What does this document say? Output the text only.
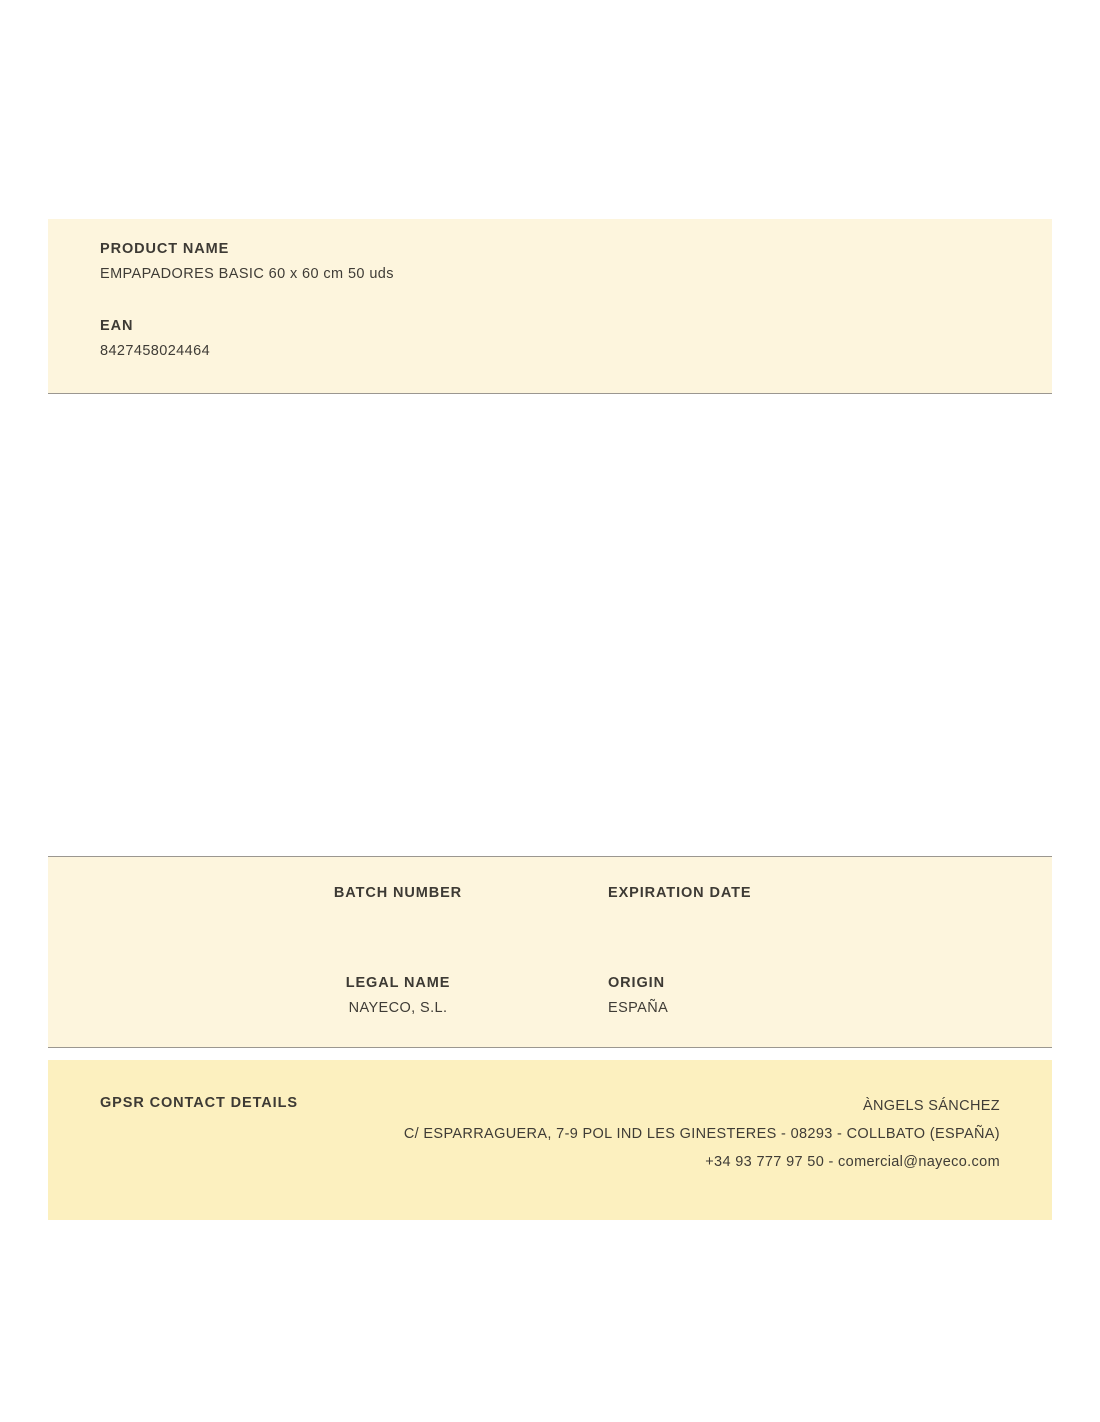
PRODUCT NAME
EMPAPADORES BASIC 60 x 60 cm 50 uds
EAN
8427458024464
BATCH NUMBER	EXPIRATION DATE
LEGAL NAME
NAYECO, S.L.
ORIGIN
ESPAÑA
GPSR CONTACT DETAILS	ÀNGELS SÁNCHEZ
C/ ESPARRAGUERA, 7-9 POL IND LES GINESTERES - 08293 - COLLBATO (ESPAÑA)
+34 93 777 97 50 - comercial@nayeco.com
